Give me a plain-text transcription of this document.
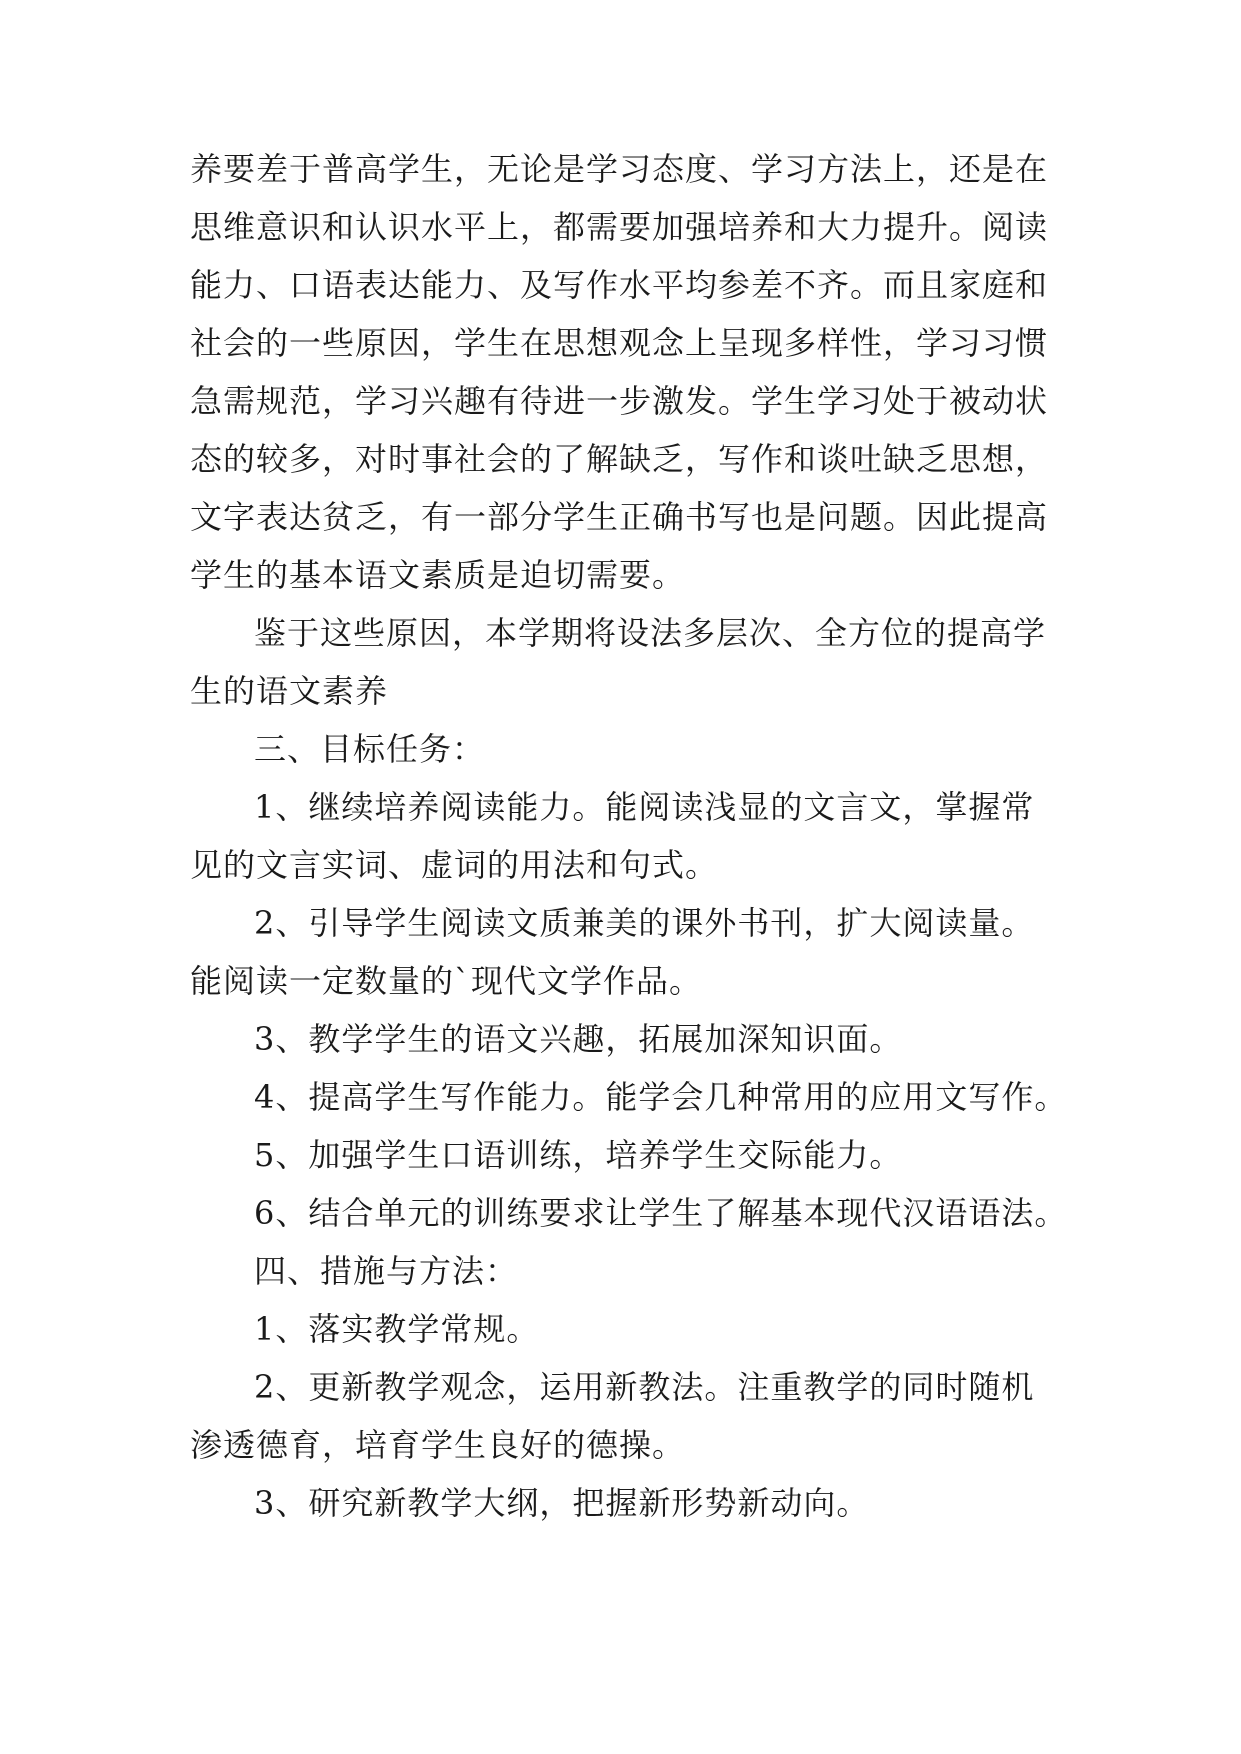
养要差于普高学生，无论是学习态度、学习方法上，还是在
思维意识和认识水平上，都需要加强培养和大力提升。阅读
能力、口语表达能力、及写作水平均参差不齐。而且家庭和
社会的一些原因，学生在思想观念上呈现多样性，学习习惯
急需规范，学习兴趣有待进一步激发。学生学习处于被动状
态的较多，对时事社会的了解缺乏，写作和谈吐缺乏思想，
文字表达贫乏，有一部分学生正确书写也是问题。因此提高
学生的基本语文素质是迫切需要。
鉴于这些原因，本学期将设法多层次、全方位的提高学
生的语文素养
三、目标任务：
1、继续培养阅读能力。能阅读浅显的文言文，掌握常
见的文言实词、虚词的用法和句式。
2、引导学生阅读文质兼美的课外书刊，扩大阅读量。
能阅读一定数量的`现代文学作品。
3、教学学生的语文兴趣，拓展加深知识面。
4、提高学生写作能力。能学会几种常用的应用文写作。
5、加强学生口语训练，培养学生交际能力。
6、结合单元的训练要求让学生了解基本现代汉语语法。
四、措施与方法：
1、落实教学常规。
2、更新教学观念，运用新教法。注重教学的同时随机
渗透德育，培育学生良好的德操。
3、研究新教学大纲，把握新形势新动向。
